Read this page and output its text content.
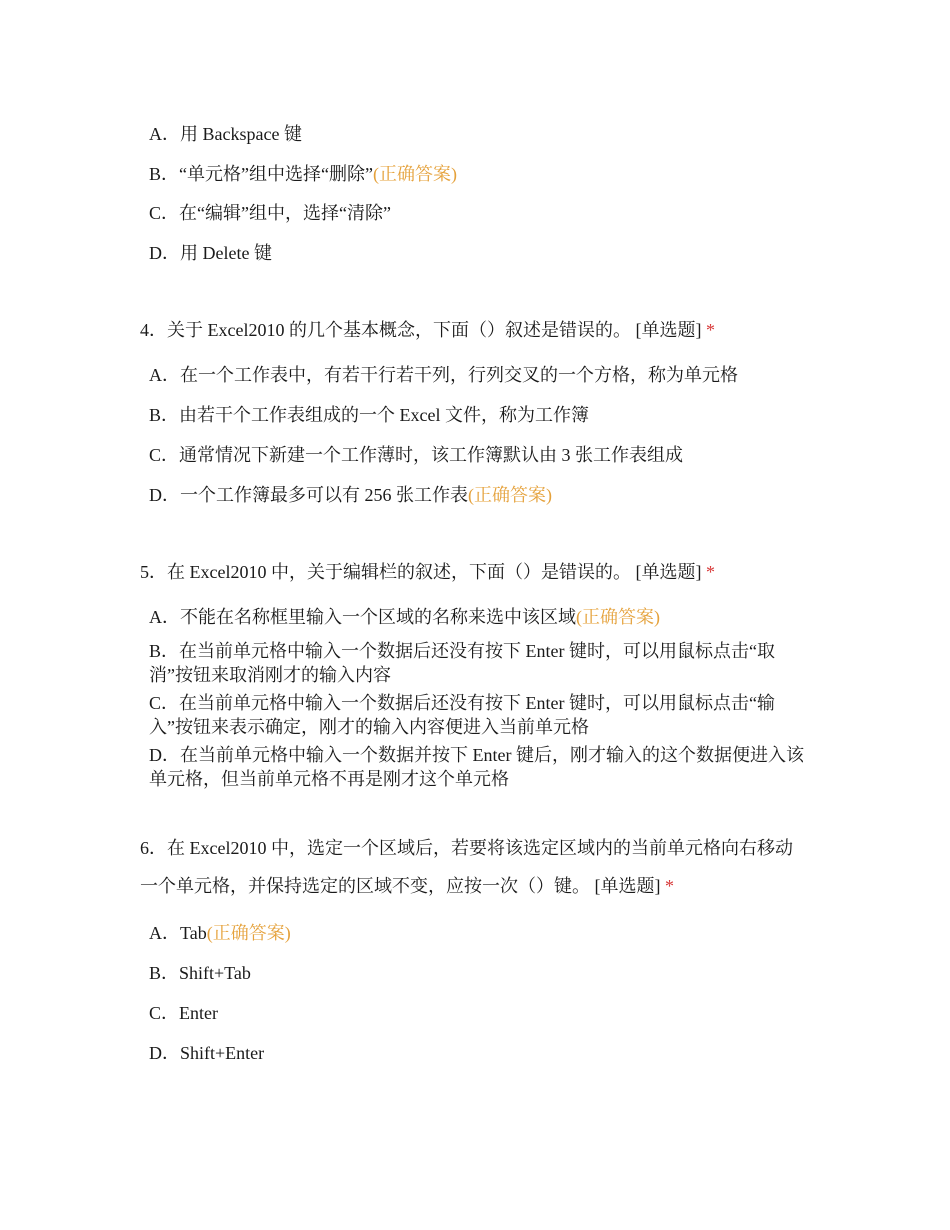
A．用 Backspace 键
B．“单元格”组中选择“删除”(正确答案)
C．在“编辑”组中，选择“清除”
D．用 Delete 键
4．关于 Excel2010 的几个基本概念，下面（）叙述是错误的。 [单选题] *
A．在一个工作表中，有若干行若干列，行列交叉的一个方格，称为单元格
B．由若干个工作表组成的一个 Excel 文件，称为工作簿
C．通常情况下新建一个工作薄时，该工作簿默认由 3 张工作表组成
D．一个工作簿最多可以有 256 张工作表(正确答案)
5．在 Excel2010 中，关于编辑栏的叙述，下面（）是错误的。 [单选题] *
A．不能在名称框里输入一个区域的名称来选中该区域(正确答案)
B．在当前单元格中输入一个数据后还没有按下 Enter 键时，可以用鼠标点击“取消”按钮来取消刚才的输入内容
C．在当前单元格中输入一个数据后还没有按下 Enter 键时，可以用鼠标点击“输入”按钮来表示确定，刚才的输入内容便进入当前单元格
D．在当前单元格中输入一个数据并按下 Enter 键后，刚才输入的这个数据便进入该单元格，但当前单元格不再是刚才这个单元格
6．在 Excel2010 中，选定一个区域后，若要将该选定区域内的当前单元格向右移动一个单元格，并保持选定的区域不变，应按一次（）键。 [单选题] *
A．Tab(正确答案)
B．Shift+Tab
C．Enter
D．Shift+Enter
